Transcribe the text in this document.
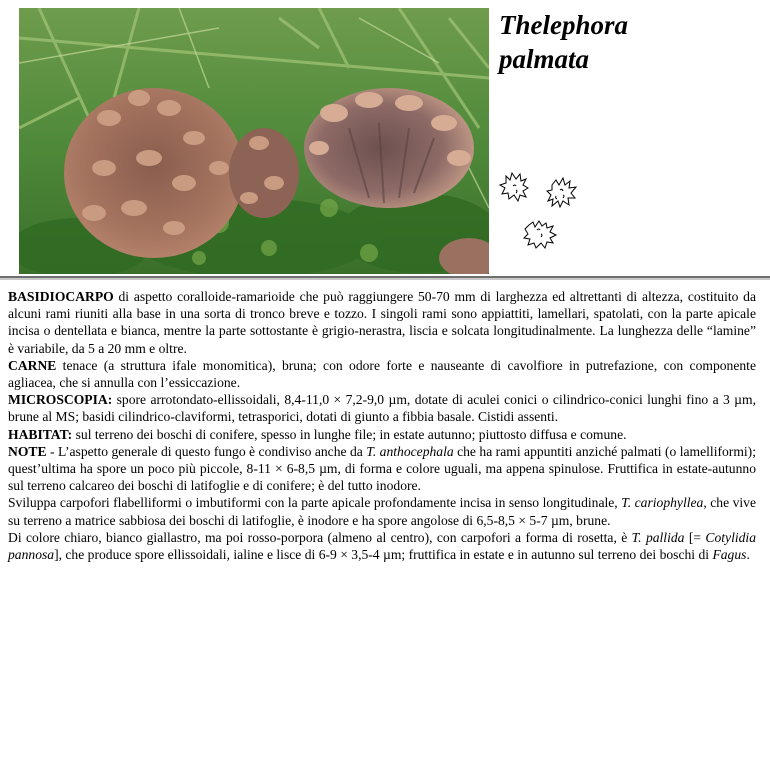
Thelephora
palmata

BASIDIOCARPO di aspetto coralloide-ramarioide che può raggiungere 50-70 mm di larghezza ed altrettanti di altezza, costituito da alcuni rami riuniti alla base in una sorta di tronco breve e tozzo. I singoli rami sono appiattiti, lamellari, spatolati, con la parte apicale incisa o dentellata e bianca, mentre la parte sottostante è grigio-nerastra, liscia e solcata longitudinalmente. La lunghezza delle “lamine” è variabile, da 5 a 20 mm e oltre.

CARNE tenace (a struttura ifale monomitica), bruna; con odore forte e nauseante di cavolfiore in putrefazione, con componente agliacea, che si annulla con l’essiccazione.

MICROSCOPIA: spore arrotondato-ellissoidali, 8,4-11,0 × 7,2-9,0 µm, dotate di aculei conici o cilindrico-conici lunghi fino a 3 µm, brune al MS; basidi cilindrico-claviformi, tetrasporici, dotati di giunto a fibbia basale. Cistidi assenti.

HABITAT: sul terreno dei boschi di conifere, spesso in lunghe file; in estate autunno; piuttosto diffusa e comune.

NOTE - L’aspetto generale di questo fungo è condiviso anche da T. anthocephala che ha rami appuntiti anziché palmati (o lamelliformi); quest’ultima ha spore un poco più piccole, 8-11 × 6-8,5 µm, di forma e colore uguali, ma appena spinulose. Fruttifica in estate-autunno sul terreno calcareo dei boschi di latifoglie e di conifere; è del tutto inodore.

Sviluppa carpofori flabelliformi o imbutiformi con la parte apicale profondamente incisa in senso longitudinale, T. cariophyllea, che vive su terreno a matrice sabbiosa dei boschi di latifoglie, è inodore e ha spore angolose di 6,5-8,5 × 5-7 µm, brune.

Di colore chiaro, bianco giallastro, ma poi rosso-porpora (almeno al centro), con carpofori a forma di rosetta, è T. pallida [= Cotylidia pannosa], che produce spore ellissoidali, ialine e lisce di 6-9 × 3,5-4 µm; fruttifica in estate e in autunno sul terreno dei boschi di Fagus.
